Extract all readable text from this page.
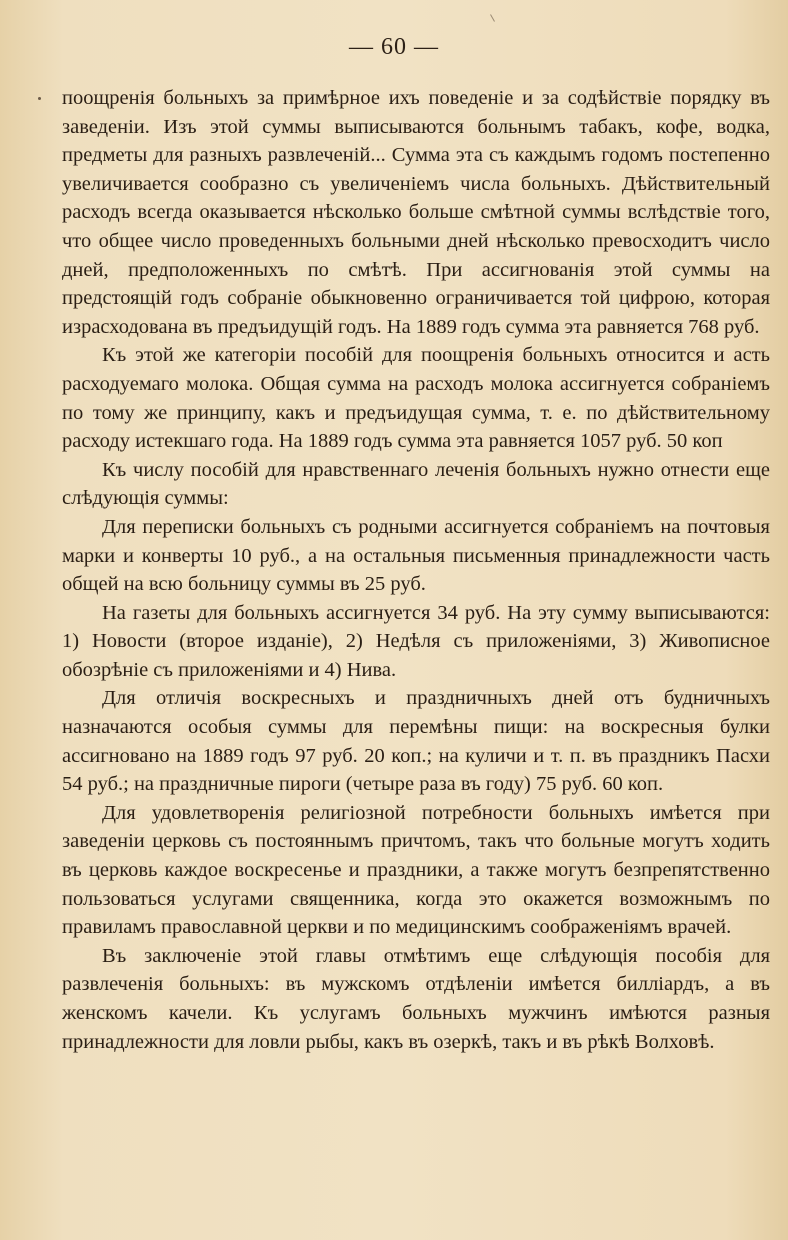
— 60 —

поощренія больныхъ за примѣрное ихъ поведеніе и за содѣйствіе порядку въ заведеніи. Изъ этой суммы выписываются больнымъ табакъ, кофе, водка, предметы для разныхъ развлеченій... Сумма эта съ каждымъ годомъ постепенно увеличивается сообразно съ увеличеніемъ числа больныхъ. Дѣйствительный расходъ всегда оказывается нѣсколько больше смѣтной суммы вслѣдствіе того, что общее число проведенныхъ больными дней нѣсколько превосходитъ число дней, предположенныхъ по смѣтѣ. При ассигнованія этой суммы на предстоящій годъ собраніе обыкновенно ограничивается той цифрою, которая израсходована въ предъидущій годъ. На 1889 годъ сумма эта равняется 768 руб.

Къ этой же категоріи пособій для поощренія больныхъ относится и асть расходуемаго молока. Общая сумма на расходъ молока ассигнуется собраніемъ по тому же принципу, какъ и предъидущая сумма, т. е. по дѣйствительному расходу истекшаго года. На 1889 годъ сумма эта равняется 1057 руб. 50 коп

Къ числу пособій для нравственнаго леченія больныхъ нужно отнести еще слѣдующія суммы:

Для переписки больныхъ съ родными ассигнуется собраніемъ на почтовыя марки и конверты 10 руб., а на остальныя письменныя принадлежности часть общей на всю больницу суммы въ 25 руб.

На газеты для больныхъ ассигнуется 34 руб. На эту сумму выписываются: 1) Новости (второе изданіе), 2) Недѣля съ приложеніями, 3) Живописное обозрѣніе съ приложеніями и 4) Нива.

Для отличія воскресныхъ и праздничныхъ дней отъ будничныхъ назначаются особыя суммы для перемѣны пищи: на воскресныя булки ассигновано на 1889 годъ 97 руб. 20 коп.; на куличи и т. п. въ праздникъ Пасхи 54 руб.; на праздничные пироги (четыре раза въ году) 75 руб. 60 коп.

Для удовлетворенія религіозной потребности больныхъ имѣется при заведеніи церковь съ постояннымъ причтомъ, такъ что больные могутъ ходить въ церковь каждое воскресенье и праздники, а также могутъ безпрепятственно пользоваться услугами священника, когда это окажется возможнымъ по правиламъ православной церкви и по медицинскимъ соображеніямъ врачей.

Въ заключеніе этой главы отмѣтимъ еще слѣдующія пособія для развлеченія больныхъ: въ мужскомъ отдѣленіи имѣется билліардъ, а въ женскомъ качели. Къ услугамъ больныхъ мужчинъ имѣются разныя принадлежности для ловли рыбы, какъ въ озеркѣ, такъ и въ рѣкѣ Волховѣ.
